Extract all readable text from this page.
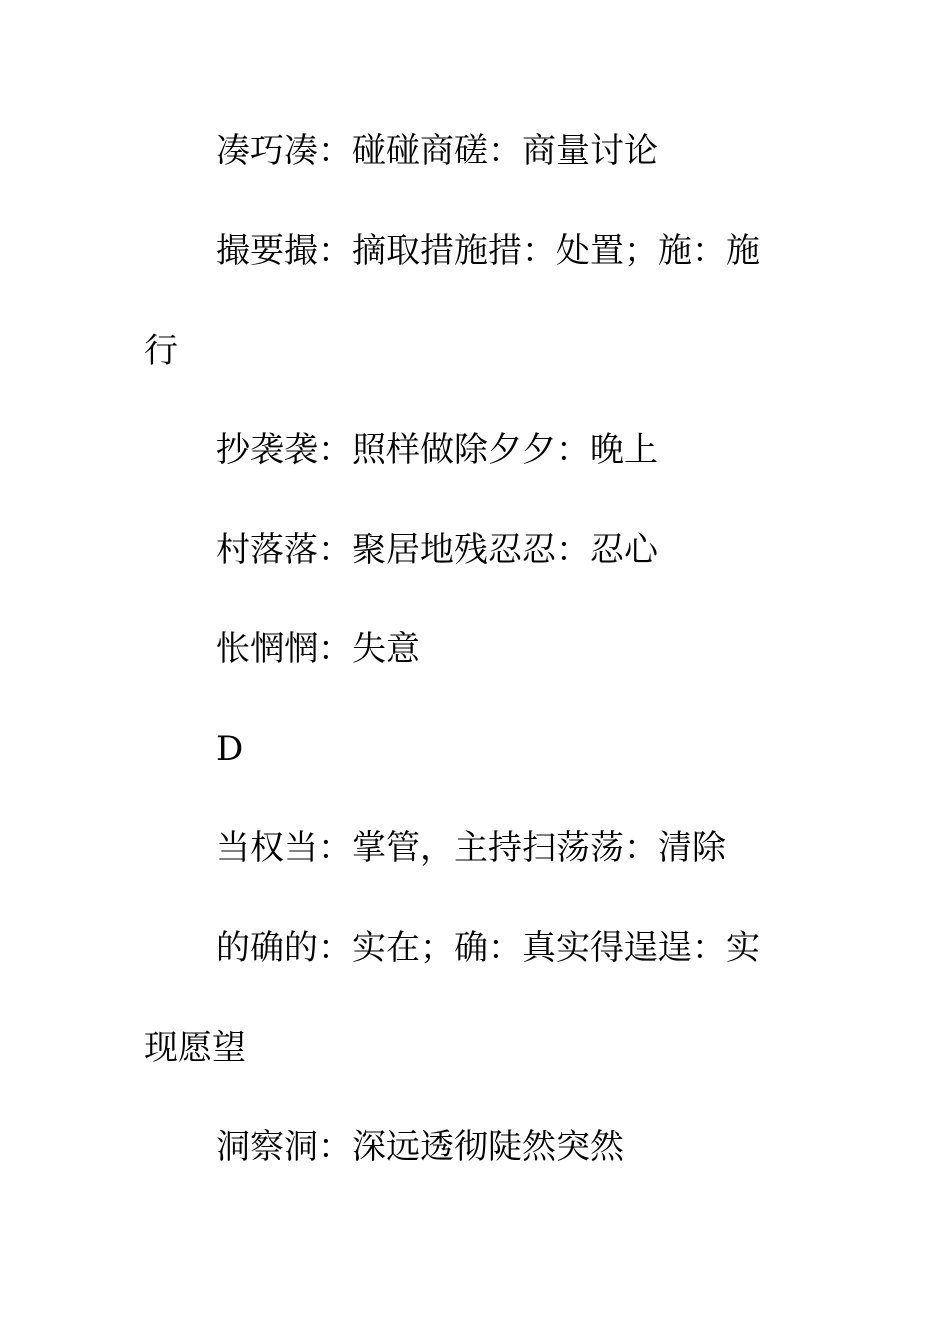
凑巧凑：碰碰商磋：商量讨论
撮要撮：摘取措施措：处置；施：施
行
抄袭袭：照样做除夕夕：晚上
村落落：聚居地残忍忍：忍心
怅惘惘：失意
D
当权当：掌管，主持扫荡荡：清除
的确的：实在；确：真实得逞逞：实
现愿望
洞察洞：深远透彻陡然突然
